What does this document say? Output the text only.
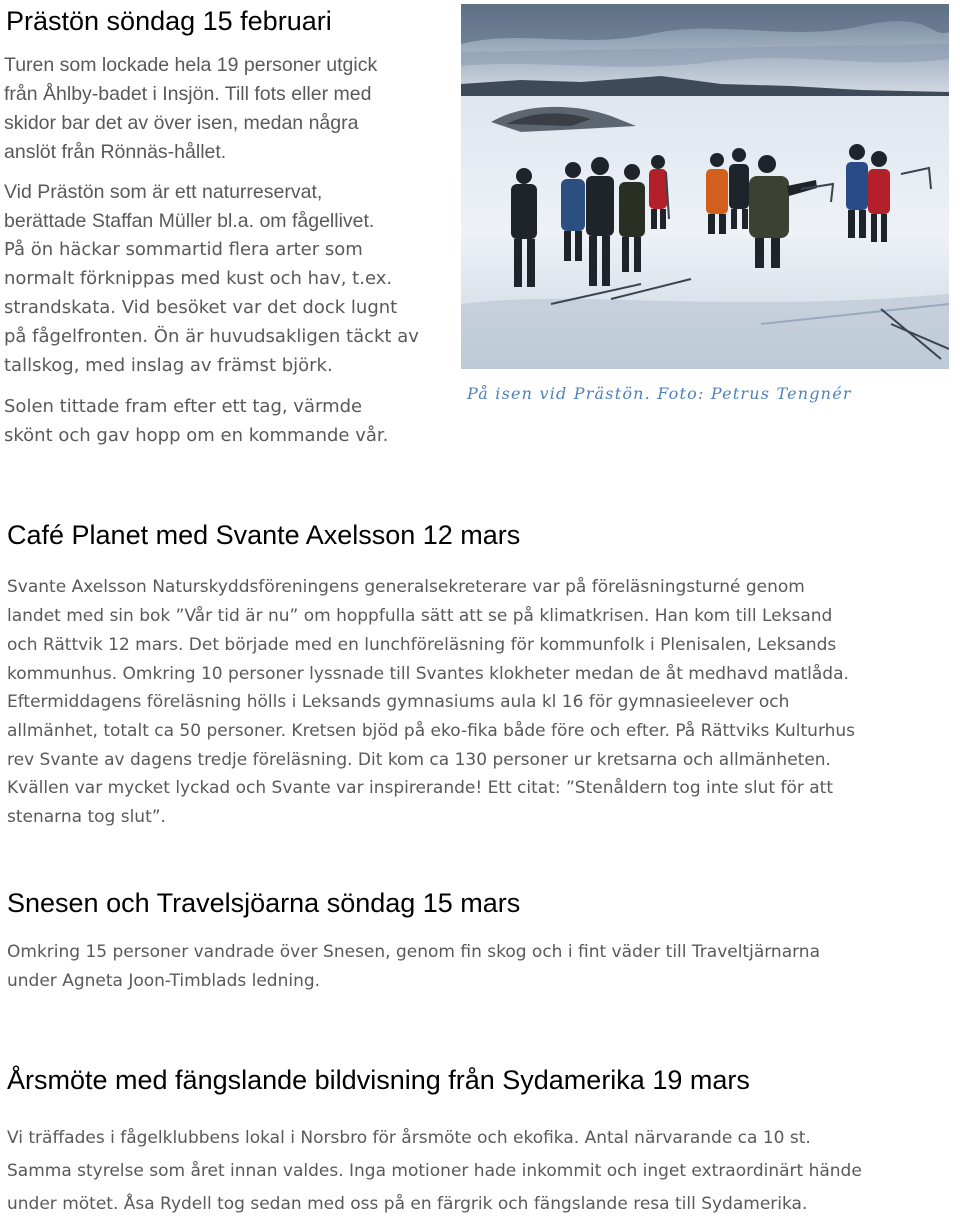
Prästön söndag 15 februari
Turen som lockade hela 19 personer utgick
från Åhlby-badet i Insjön. Till fots eller med
skidor bar det av över isen, medan några
anslöt från Rönnäs-hållet.
Vid Prästön som är ett naturreservat,
berättade Staffan Müller bl.a. om fågellivet.
På ön häckar sommartid flera arter som
normalt förknippas med kust och hav, t.ex.
strandskata. Vid besöket var det dock lugnt
på fågelfronten. Ön är huvudsakligen täckt av
tallskog, med inslag av främst björk.
Solen tittade fram efter ett tag, värmde
skönt och gav hopp om en kommande vår.
På isen vid Prästön. Foto: Petrus Tengnér
Café Planet med Svante Axelsson 12 mars
Svante Axelsson Naturskyddsföreningens generalsekreterare var på föreläsningsturné genom
landet med sin bok ”Vår tid är nu” om hoppfulla sätt att se på klimatkrisen. Han kom till Leksand
och Rättvik 12 mars. Det började med en lunchföreläsning för kommunfolk i Plenisalen, Leksands
kommunhus. Omkring 10 personer lyssnade till Svantes klokheter medan de åt medhavd matlåda.
Eftermiddagens föreläsning hölls i Leksands gymnasiums aula kl 16 för gymnasieelever och
allmänhet, totalt ca 50 personer. Kretsen bjöd på eko-fika både före och efter. På Rättviks Kulturhus
rev Svante av dagens tredje föreläsning. Dit kom ca 130 personer ur kretsarna och allmänheten.
Kvällen var mycket lyckad och Svante var inspirerande! Ett citat: ”Stenåldern tog inte slut för att
stenarna tog slut”.
Snesen och Travelsjöarna söndag 15 mars
Omkring 15 personer vandrade över Snesen, genom fin skog och i fint väder till Traveltjärnarna
under Agneta Joon-Timblads ledning.
Årsmöte med fängslande bildvisning från Sydamerika 19 mars
Vi träffades i fågelklubbens lokal i Norsbro för årsmöte och ekofika. Antal närvarande ca 10 st.
Samma styrelse som året innan valdes. Inga motioner hade inkommit och inget extraordinärt hände
under mötet. Åsa Rydell tog sedan med oss på en färgrik och fängslande resa till Sydamerika.
